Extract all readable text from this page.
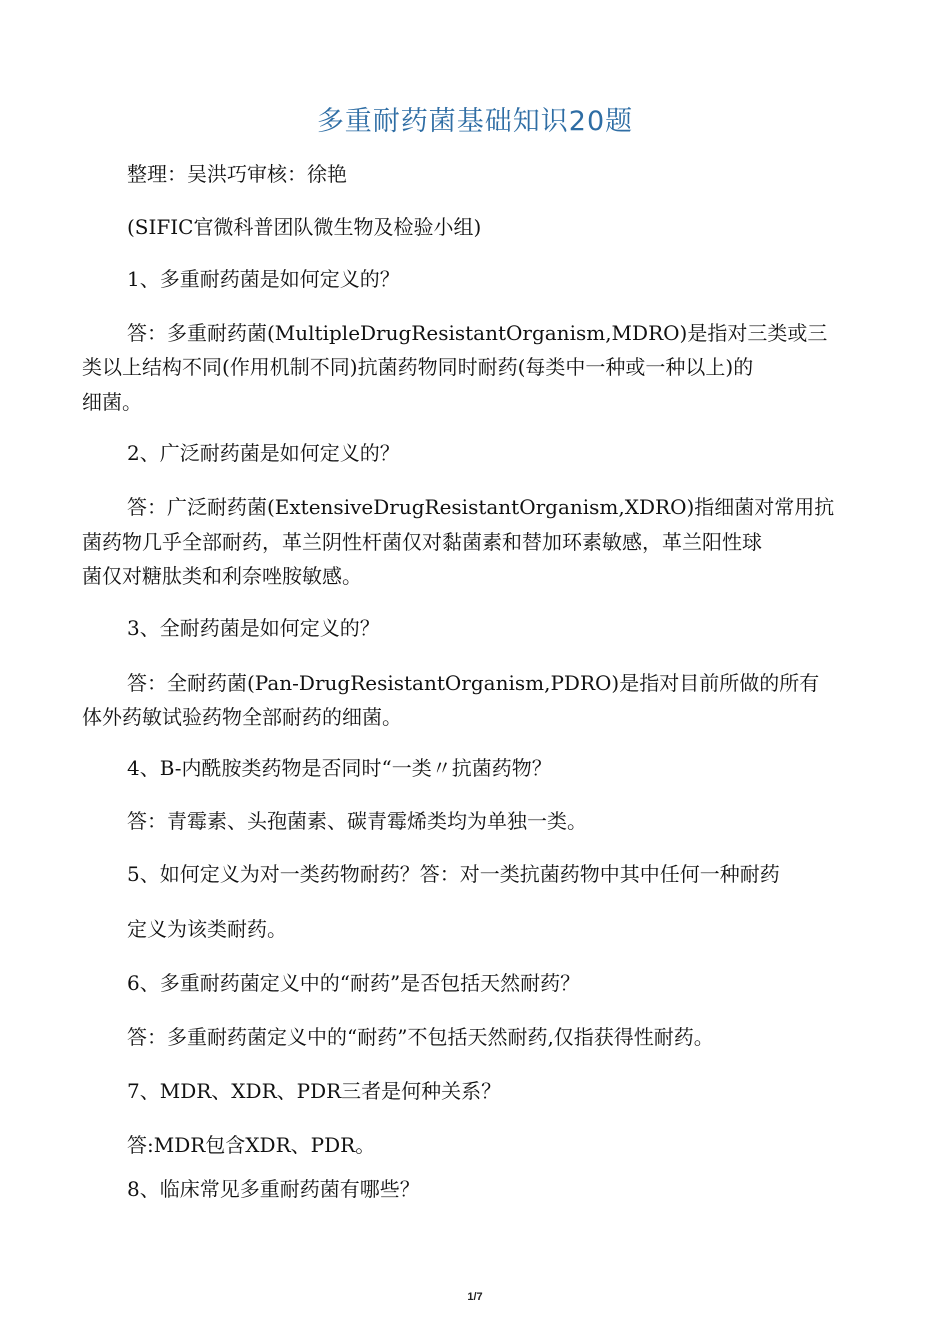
多重耐药菌基础知识20题
整理：吴洪巧审核：徐艳
(SIFIC官微科普团队微生物及检验小组)
1、多重耐药菌是如何定义的？
答：多重耐药菌(MultipleDrugResistantOrganism,MDRO)是指对三类或三
类以上结构不同(作用机制不同)抗菌药物同时耐药(每类中一种或一种以上)的
细菌。
2、广泛耐药菌是如何定义的？
答：广泛耐药菌(ExtensiveDrugResistantOrganism,XDRO)指细菌对常用抗
菌药物几乎全部耐药，革兰阴性杆菌仅对黏菌素和替加环素敏感，革兰阳性球
菌仅对糖肽类和利奈唑胺敏感。
3、全耐药菌是如何定义的？
答：全耐药菌(Pan-DrugResistantOrganism,PDRO)是指对目前所做的所有
体外药敏试验药物全部耐药的细菌。
4、B-内酰胺类药物是否同时“一类〃抗菌药物？
答：青霉素、头孢菌素、碳青霉烯类均为单独一类。
5、如何定义为对一类药物耐药？答：对一类抗菌药物中其中任何一种耐药
定义为该类耐药。
6、多重耐药菌定义中的“耐药”是否包括天然耐药？
答：多重耐药菌定义中的“耐药”不包括天然耐药,仅指获得性耐药。
7、MDR、XDR、PDR三者是何种关系？
答:MDR包含XDR、PDR。
8、临床常见多重耐药菌有哪些？
1/7
